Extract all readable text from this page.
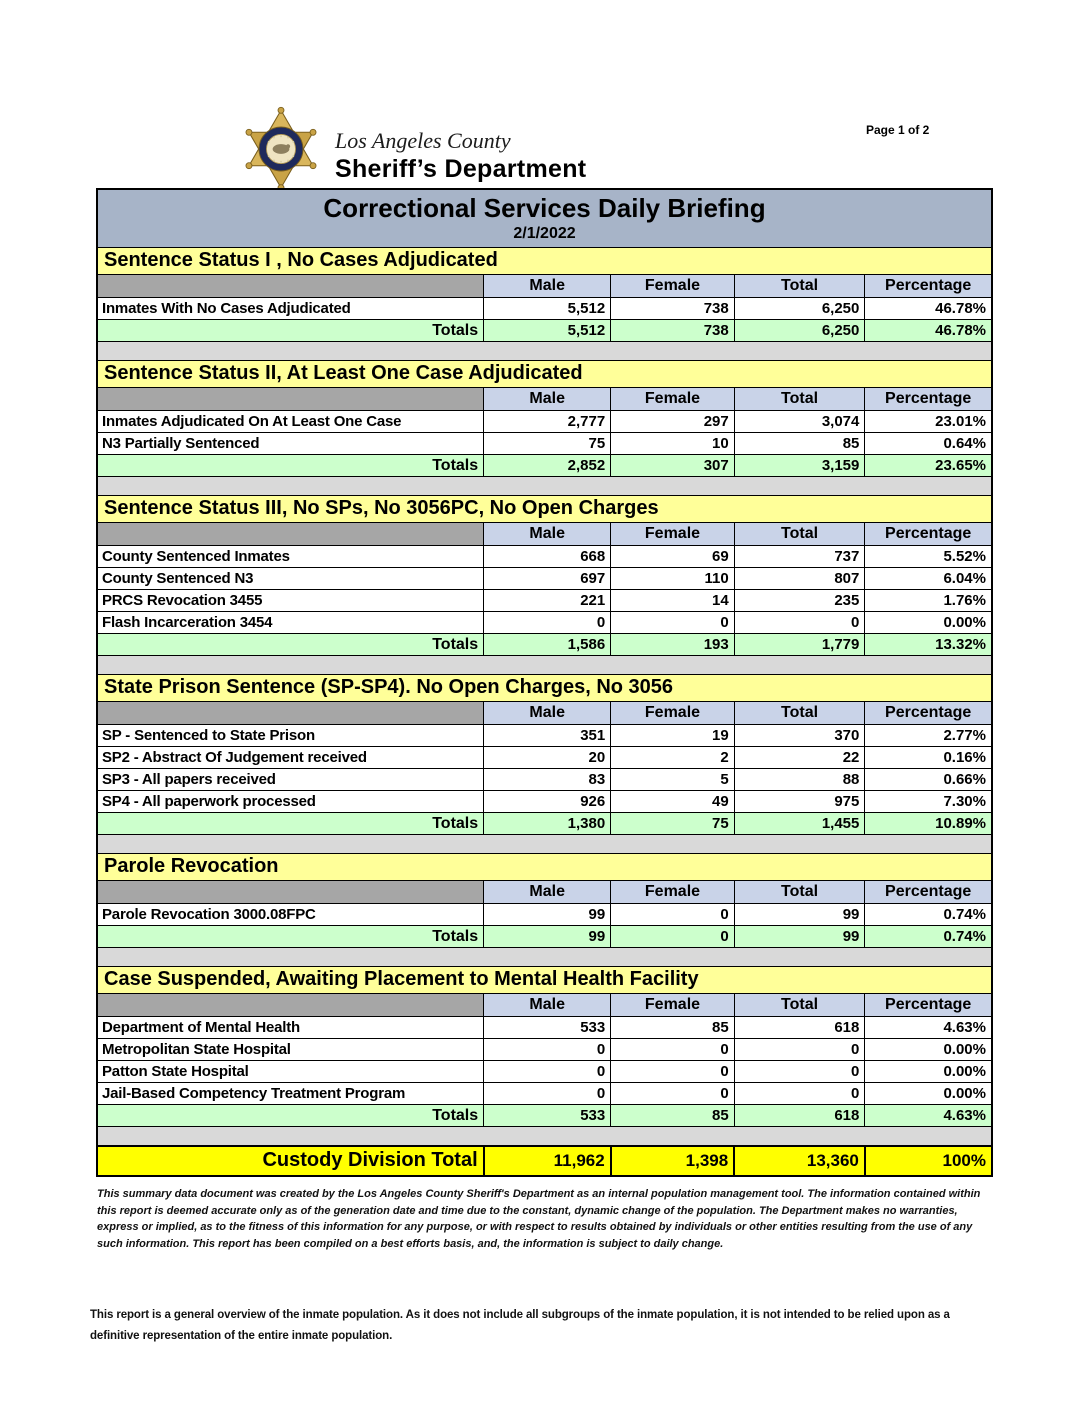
Los Angeles County
Sheriff’s Department
Page 1 of 2
Correctional Services Daily Briefing
2/1/2022				

Sentence Status I , No Cases Adjudicated				
	Male	Female	Total	Percentage
Inmates With No Cases Adjudicated	5,512	738	6,250	46.78%
Totals	5,512	738	6,250	46.78%

Sentence Status II, At Least One Case Adjudicated				
	Male	Female	Total	Percentage
Inmates Adjudicated On At Least One Case	2,777	297	3,074	23.01%
N3 Partially Sentenced	75	10	85	0.64%
Totals	2,852	307	3,159	23.65%

Sentence Status III, No SPs, No 3056PC, No Open Charges				
	Male	Female	Total	Percentage
County Sentenced Inmates	668	69	737	5.52%
County Sentenced N3	697	110	807	6.04%
PRCS Revocation 3455	221	14	235	1.76%
Flash Incarceration 3454	0	0	0	0.00%
Totals	1,586	193	1,779	13.32%

State Prison Sentence (SP-SP4). No Open Charges, No 3056				
	Male	Female	Total	Percentage
SP - Sentenced to State Prison	351	19	370	2.77%
SP2 - Abstract Of Judgement received	20	2	22	0.16%
SP3 - All papers received	83	5	88	0.66%
SP4 - All paperwork processed	926	49	975	7.30%
Totals	1,380	75	1,455	10.89%

Parole Revocation				
	Male	Female	Total	Percentage
Parole Revocation 3000.08FPC	99	0	99	0.74%
Totals	99	0	99	0.74%

Case Suspended, Awaiting Placement to Mental Health Facility				
	Male	Female	Total	Percentage
Department of Mental Health	533	85	618	4.63%
Metropolitan State Hospital	0	0	0	0.00%
Patton State Hospital	0	0	0	0.00%
Jail-Based Competency Treatment Program	0	0	0	0.00%
Totals	533	85	618	4.63%

Custody Division Total	11,962	1,398	13,360	100%
This summary data document was created by the Los Angeles County Sheriff's Department as an internal population management tool. The information contained within this report is deemed accurate only as of the generation date and time due to the constant, dynamic change of the population. The Department makes no warranties, express or implied, as to the fitness of this information for any purpose, or with respect to results obtained by individuals or other entities resulting from the use of any such information. This report has been compiled on a best efforts basis, and, the information is subject to daily change.
This report is a general overview of the inmate population. As it does not include all subgroups of the inmate population, it is not intended to be relied upon as a definitive representation of the entire inmate population.
